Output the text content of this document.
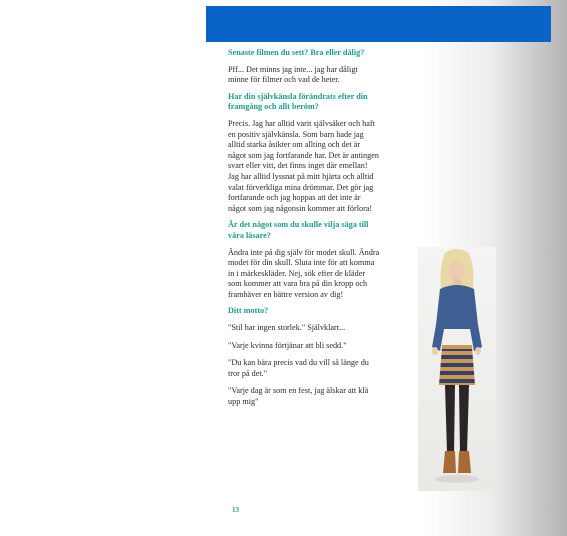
Senaste filmen du sett? Bra eller dålig?

Pff... Det minns jag inte... jag har dåligt minne för filmer och vad de heter.

Har din självkänsla förändrats efter din framgång och allt beröm?

Precis. Jag har alltid varit självsäker och haft en positiv självkänsla. Som barn hade jag alltid starka åsikter om allting och det är något som jag fortfarande har. Det är antingen svart eller vitt, det finns inget där emellan! Jag har alltid lyssnat på mitt hjärta och alltid valat förverkliga mina drömmar. Det gör jag fortfarande och jag hoppas att det inte är något som jag någonsin kommer att förlora!

Är det något som du skulle vilja säga till våra läsare?

Ändra inte på dig själv för modet skull. Ändra modet för din skull. Sluta inte för att komma in i märkeskläder. Nej, sök efter de kläder som kommer att vara bra på din kropp och framhäver en bättre version av dig!

Ditt motto?

"Stil har ingen storlek." Självklart...

"Varje kvinna förtjänar att bli sedd."

"Du kan bära precis vad du vill så länge du tror på det."

"Varje dag är som en fest, jag älskar att klä upp mig"

13
